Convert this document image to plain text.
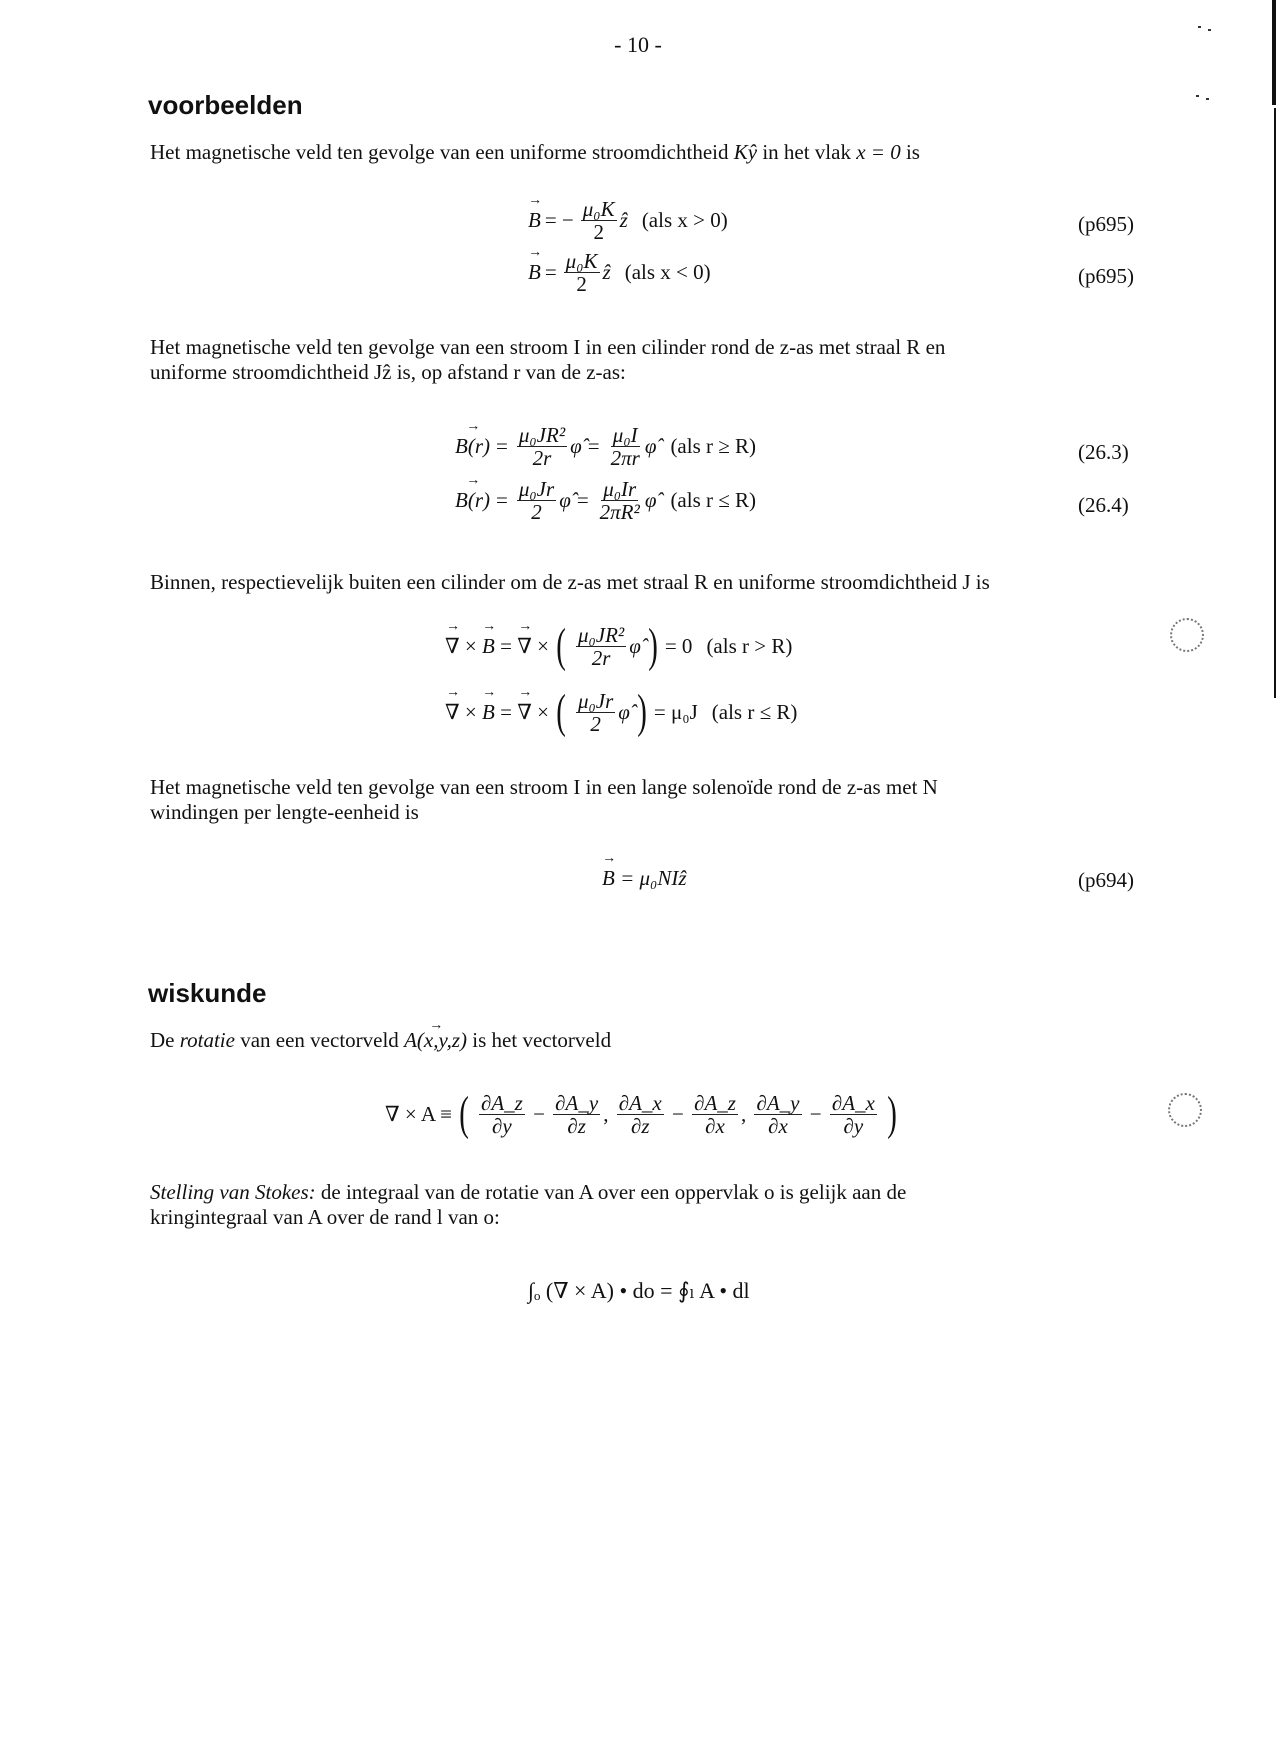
- 10 -
voorbeelden
Het magnetische veld ten gevolge van een uniforme stroomdichtheid Kŷ in het vlak x = 0 is
→ B = − $\frac{\text{μ₀K}}{2}$ ẑ (als x > 0)	(p695)
→ $B = \frac{\text{μ₀K}}{2}$ ẑ (als x < 0)	(p695)
Het magnetische veld ten gevolge van een stroom I in een cilinder rond de z-as met straal R en
uniforme stroomdichtheid Jẑ is, op afstand r van de z-as:
→ $B(r) = \frac{\text{μ₀JR²}}{2r}$ φ̂ = $\frac{\text{μ₀I}}{2\pi r}$ φ̂ (als r ≥ R)	(26.3)
→ $B(r) = \frac{\text{μ₀Jr}}{2}$ φ̂ = $\frac{\text{μ₀Ir}}{\text{2πR²}}$ φ̂ (als r ≤ R)	(26.4)
Binnen, respectievelijk buiten een cilinder om de z-as met straal R en uniforme stroomdichtheid J is
→ ∇ × → B = → ∇ × ( $\frac{\text{μ₀JR²}}{2r}$ φ̂ ) = 0 (als r > R)
→ ∇ × → B = → ∇ × ( $\frac{\text{μ₀Jr}}{2}$ φ̂ ) = μ₀J (als r ≤ R)
Het magnetische veld ten gevolge van een stroom I in een lange solenoïde rond de z-as met N
windingen per lengte-eenheid is
→ B
= μ₀NIẑ	(p694)
wiskunde
De rotatie van een vectorveld → A(x,y,z) is het vectorveld
∇ × A ≡ ( $\frac{\partial A\_z}{\partial y} - \frac{\partial A\_y}{\partial z}$ , $\frac{\partial A\_x}{\partial z} - \frac{\partial A\_z}{\partial x}$ , $\frac{\partial A\_y}{\partial x} - \frac{\partial A\_x}{\partial y}$ )
Stelling van Stokes: de integraal van de rotatie van A over een oppervlak o is gelijk aan de
kringintegraal van A over de rand l van o:
∫ₒ (∇ × A) • do = ∮ₗ A • dl
